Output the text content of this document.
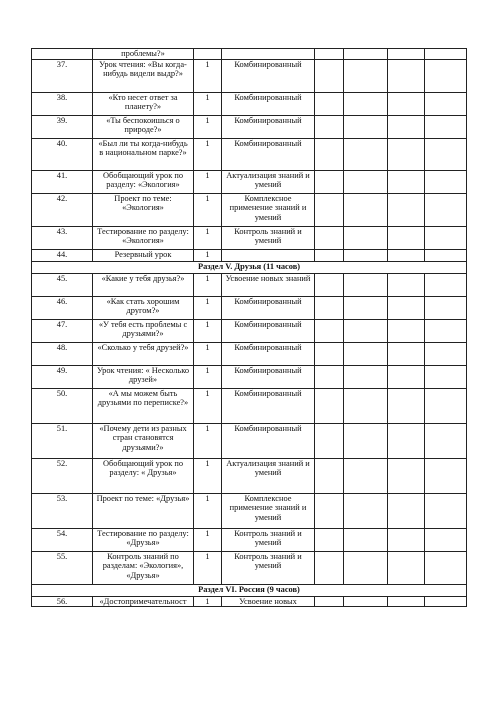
	проблемы?»						
37.	Урок чтения: «Вы когда-нибудь видели выдр?»	1	Комбинированный				
38.	«Кто несет ответ за планету?»	1	Комбинированный				
39.	«Ты беспокоишься о природе?»	1	Комбинированный				
40.	«Был ли ты когда-нибудь в национальном парке?»	1	Комбинированный				
41.	Обобщающий урок по разделу: «Экология»	1	Актуализация знаний и умений				
42.	Проект по теме: «Экология»	1	Комплексное применение знаний и умений				
43.	Тестирование по разделу: «Экология»	1	Контроль знаний и умений				
44.	Резервный урок	1					
Раздел V. Друзья (11 часов)							
45.	«Какие у тебя друзья?»	1	Усвоение новых знаний				
46.	«Как стать хорошим другом?»	1	Комбинированный				
47.	«У тебя есть проблемы с друзьями?»	1	Комбинированный				
48.	«Сколько у тебя друзей?»	1	Комбинированный				
49.	Урок чтения: « Несколько друзей»	1	Комбинированный				
50.	«А мы можем быть друзьями по переписке?»	1	Комбинированный				
51.	«Почему дети из разных стран становятся друзьями?»	1	Комбинированный				
52.	Обобщающий урок по разделу: « Друзья»	1	Актуализация знаний и умений				
53.	Проект по теме: «Друзья»	1	Комплексное применение знаний и умений				
54.	Тестирование по разделу: «Друзья»	1	Контроль знаний и умений				
55.	Контроль знаний по разделам: «Экология», «Друзья»	1	Контроль знаний и умений				
Раздел VI. Россия (9 часов)							
56.	«Достопримечательност	1	Усвоение новых				
